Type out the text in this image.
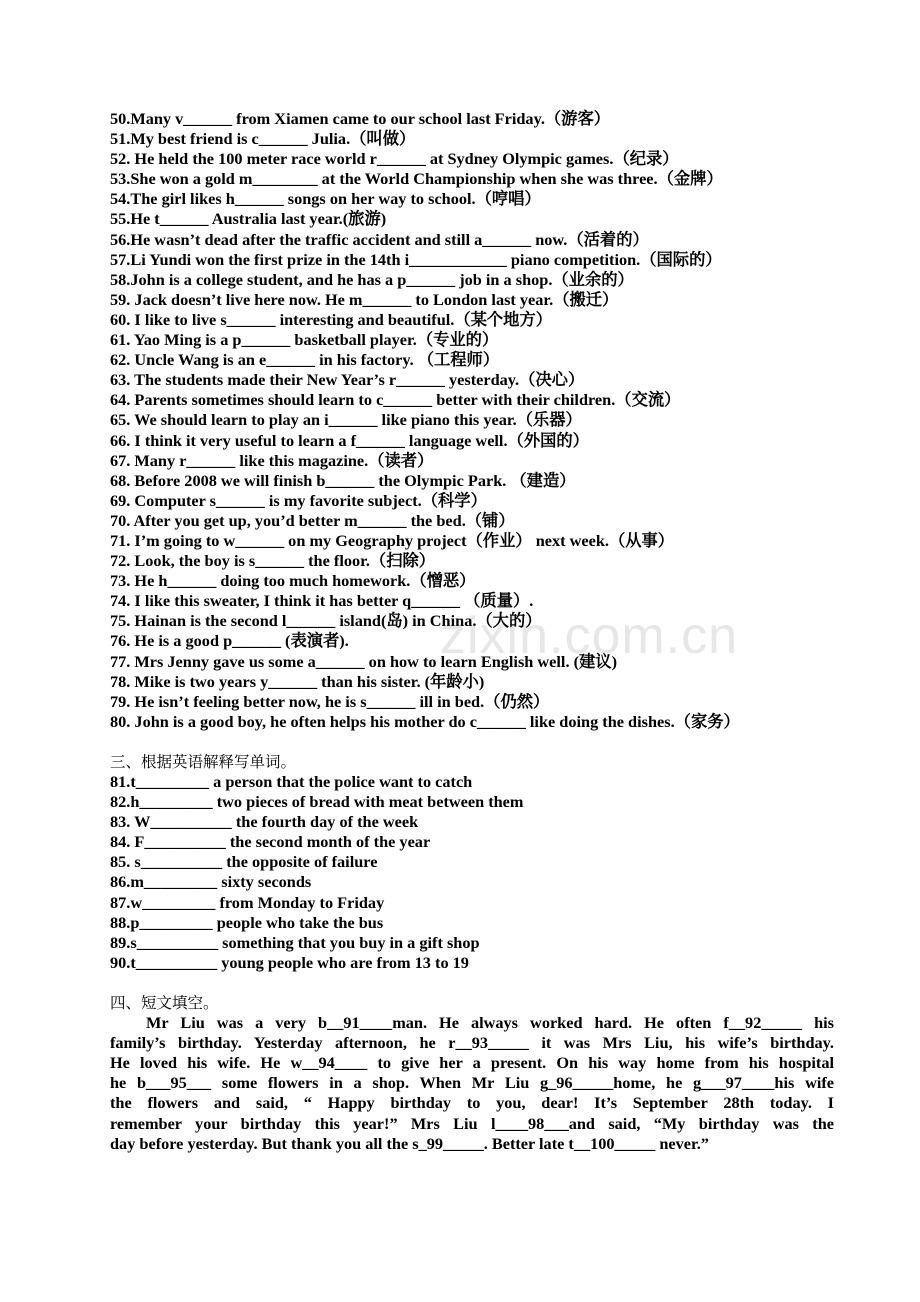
50.Many v______ from Xiamen came to our school last Friday.（游客）
51.My best friend is c______ Julia.（叫做）
52. He held the 100 meter race world r______ at Sydney Olympic games.（纪录）
53.She won a gold m________ at the World Championship when she was three.（金牌）
54.The girl likes h______ songs on her way to school.（哼唱）
55.He t______ Australia last year.(旅游)
56.He wasn’t dead after the traffic accident and still a______ now.（活着的）
57.Li Yundi won the first prize in the 14th i____________ piano competition.（国际的）
58.John is a college student, and he has a p______ job in a shop.（业余的）
59. Jack doesn’t live here now. He m______ to London last year.（搬迁）
60. I like to live s______ interesting and beautiful.（某个地方）
61. Yao Ming is a p______ basketball player.（专业的）
62. Uncle Wang is an e______ in his factory. （工程师）
63. The students made their New Year’s r______ yesterday.（决心）
64. Parents sometimes should learn to c______ better with their children.（交流）
65. We should learn to play an i______ like piano this year.（乐器）
66. I think it very useful to learn a f______ language well.（外国的）
67. Many r______ like this magazine.（读者）
68. Before 2008 we will finish b______ the Olympic Park. （建造）
69. Computer s______ is my favorite subject.（科学）
70. After you get up, you’d better m______ the bed.（铺）
71. I’m going to w______ on my Geography project（作业） next week.（从事）
72. Look, the boy is s______ the floor.（扫除）
73. He h______ doing too much homework.（憎恶）
74. I like this sweater, I think it has better q______ （质量）.
75. Hainan is the second l______ island(岛) in China.（大的）
76. He is a good p______ (表演者).
77. Mrs Jenny gave us some a______ on how to learn English well. (建议)
78. Mike is two years y______ than his sister. (年龄小)
79. He isn’t feeling better now, he is s______ ill in bed.（仍然）
80. John is a good boy, he often helps his mother do c______ like doing the dishes.（家务）
三、根据英语解释写单词。
81.t_________ a person that the police want to catch
82.h_________ two pieces of bread with meat between them
83. W__________ the fourth day of the week
84. F__________ the second month of the year
85. s__________ the opposite of failure
86.m_________ sixty seconds
87.w_________ from Monday to Friday
88.p_________ people who take the bus
89.s__________ something that you buy in a gift shop
90.t__________ young people who are from 13 to 19
四、短文填空。
Mr Liu was a very b__91____man. He always worked hard. He often f__92_____ his
family’s birthday. Yesterday afternoon, he r__93_____ it was Mrs Liu, his wife’s birthday.
He loved his wife. He w__94____ to give her a present. On his way home from his hospital
he b___95___ some flowers in a shop. When Mr Liu g_96_____home, he g___97____his wife
the flowers and said, “ Happy birthday to you, dear! It’s September 28th today. I
remember your birthday this year!” Mrs Liu l____98___and said, “My birthday was the
day before yesterday. But thank you all the s_99_____. Better late t__100_____ never.”
zixin.com.cn
